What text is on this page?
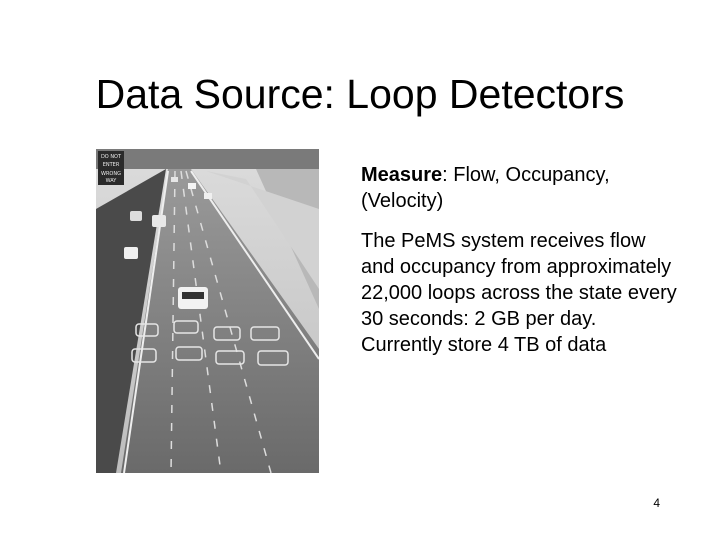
Data Source: Loop Detectors
DO NOT
ENTER
WRONG
WAY	Measure: Flow, Occupancy, (Velocity)

The PeMS system receives flow and occupancy from approximately 22,000 loops across the state every 30 seconds: 2 GB per day. Currently store 4 TB of data

4
